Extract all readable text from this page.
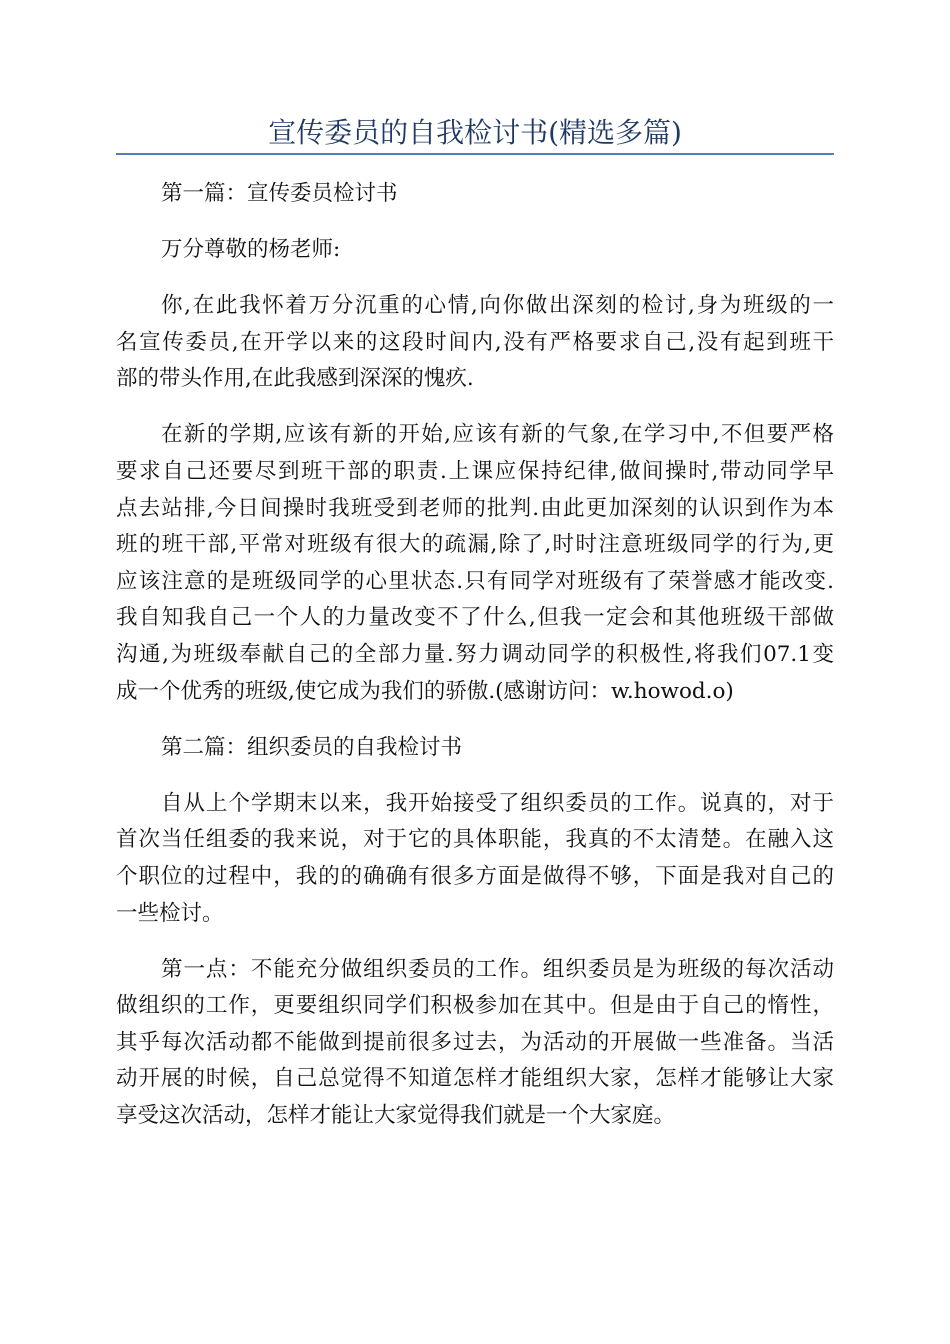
宣传委员的自我检讨书(精选多篇)
第一篇：宣传委员检讨书
万分尊敬的杨老师:
你,在此我怀着万分沉重的心情,向你做出深刻的检讨,身为班级的一
名宣传委员,在开学以来的这段时间内,没有严格要求自己,没有起到班干
部的带头作用,在此我感到深深的愧疚.
在新的学期,应该有新的开始,应该有新的气象,在学习中,不但要严格
要求自己还要尽到班干部的职责.上课应保持纪律,做间操时,带动同学早
点去站排,今日间操时我班受到老师的批判.由此更加深刻的认识到作为本
班的班干部,平常对班级有很大的疏漏,除了,时时注意班级同学的行为,更
应该注意的是班级同学的心里状态.只有同学对班级有了荣誉感才能改变.
我自知我自己一个人的力量改变不了什么,但我一定会和其他班级干部做
沟通,为班级奉献自己的全部力量.努力调动同学的积极性,将我们07.1变
成一个优秀的班级,使它成为我们的骄傲.(感谢访问：w.howod.o)
第二篇：组织委员的自我检讨书
自从上个学期末以来，我开始接受了组织委员的工作。说真的，对于
首次当任组委的我来说，对于它的具体职能，我真的不太清楚。在融入这
个职位的过程中，我的的确确有很多方面是做得不够，下面是我对自己的
一些检讨。
第一点：不能充分做组织委员的工作。组织委员是为班级的每次活动
做组织的工作，更要组织同学们积极参加在其中。但是由于自己的惰性，
其乎每次活动都不能做到提前很多过去，为活动的开展做一些准备。当活
动开展的时候，自己总觉得不知道怎样才能组织大家，怎样才能够让大家
享受这次活动，怎样才能让大家觉得我们就是一个大家庭。
